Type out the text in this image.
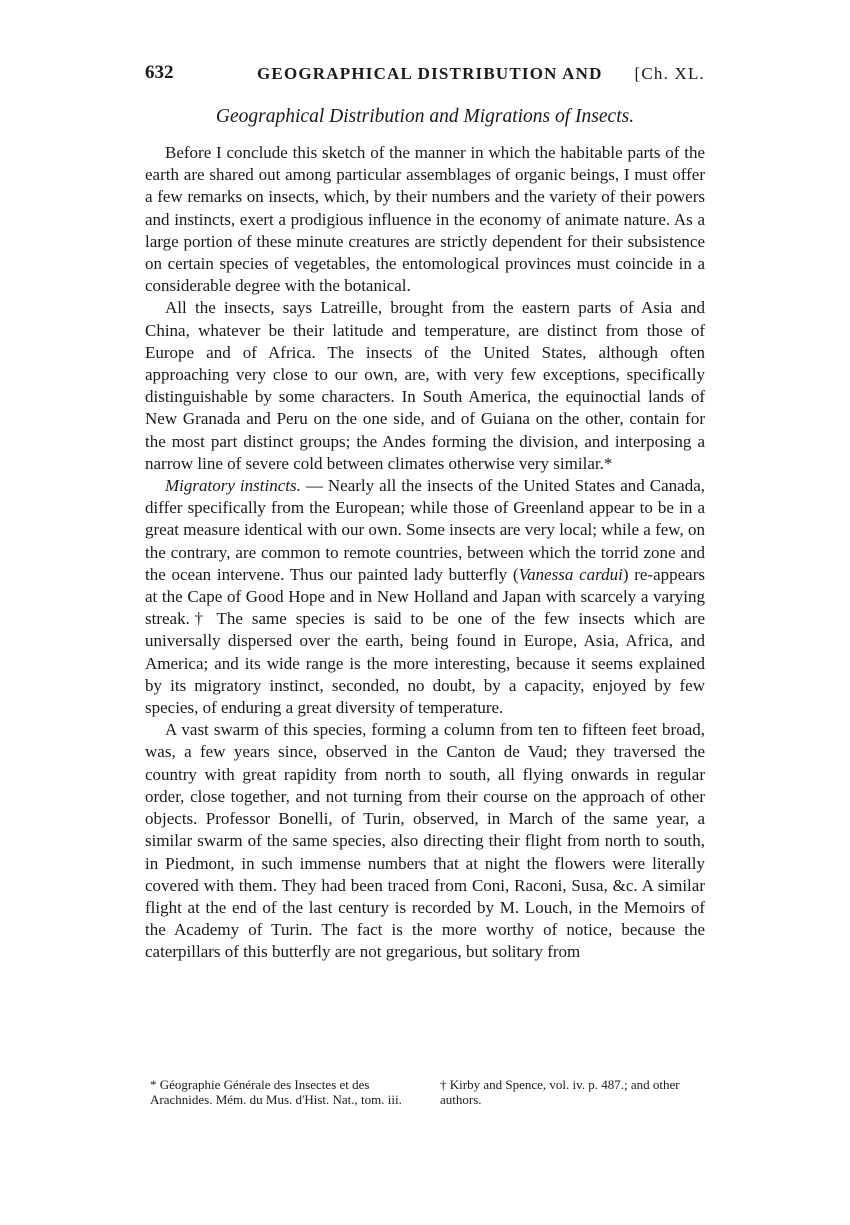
632	GEOGRAPHICAL DISTRIBUTION AND [Ch. XL.
Geographical Distribution and Migrations of Insects.

Before I conclude this sketch of the manner in which the habitable parts of the earth are shared out among particular assemblages of organic beings, I must offer a few remarks on insects, which, by their numbers and the variety of their powers and instincts, exert a prodigious influence in the economy of animate nature. As a large portion of these minute creatures are strictly dependent for their subsistence on certain species of vegetables, the entomological provinces must coincide in a considerable degree with the botanical.

All the insects, says Latreille, brought from the eastern parts of Asia and China, whatever be their latitude and temperature, are distinct from those of Europe and of Africa. The insects of the United States, although often approaching very close to our own, are, with very few exceptions, specifically distinguishable by some characters. In South America, the equinoctial lands of New Granada and Peru on the one side, and of Guiana on the other, contain for the most part distinct groups; the Andes forming the division, and interposing a narrow line of severe cold between climates otherwise very similar.*

Migratory instincts. — Nearly all the insects of the United States and Canada, differ specifically from the European; while those of Greenland appear to be in a great measure identical with our own. Some insects are very local; while a few, on the contrary, are common to remote countries, between which the torrid zone and the ocean intervene. Thus our painted lady butterfly (Vanessa cardui) re-appears at the Cape of Good Hope and in New Holland and Japan with scarcely a varying streak.† The same species is said to be one of the few insects which are universally dispersed over the earth, being found in Europe, Asia, Africa, and America; and its wide range is the more interesting, because it seems explained by its migratory instinct, seconded, no doubt, by a capacity, enjoyed by few species, of enduring a great diversity of temperature.

A vast swarm of this species, forming a column from ten to fifteen feet broad, was, a few years since, observed in the Canton de Vaud; they traversed the country with great rapidity from north to south, all flying onwards in regular order, close together, and not turning from their course on the approach of other objects. Professor Bonelli, of Turin, observed, in March of the same year, a similar swarm of the same species, also directing their flight from north to south, in Piedmont, in such immense numbers that at night the flowers were literally covered with them. They had been traced from Coni, Raconi, Susa, &c. A similar flight at the end of the last century is recorded by M. Louch, in the Memoirs of the Academy of Turin. The fact is the more worthy of notice, because the caterpillars of this butterfly are not gregarious, but solitary from

* Géographie Générale des Insectes et des Arachnides. Mém. du Mus. d'Hist. Nat., tom. iii.

† Kirby and Spence, vol. iv. p. 487.; and other authors.
